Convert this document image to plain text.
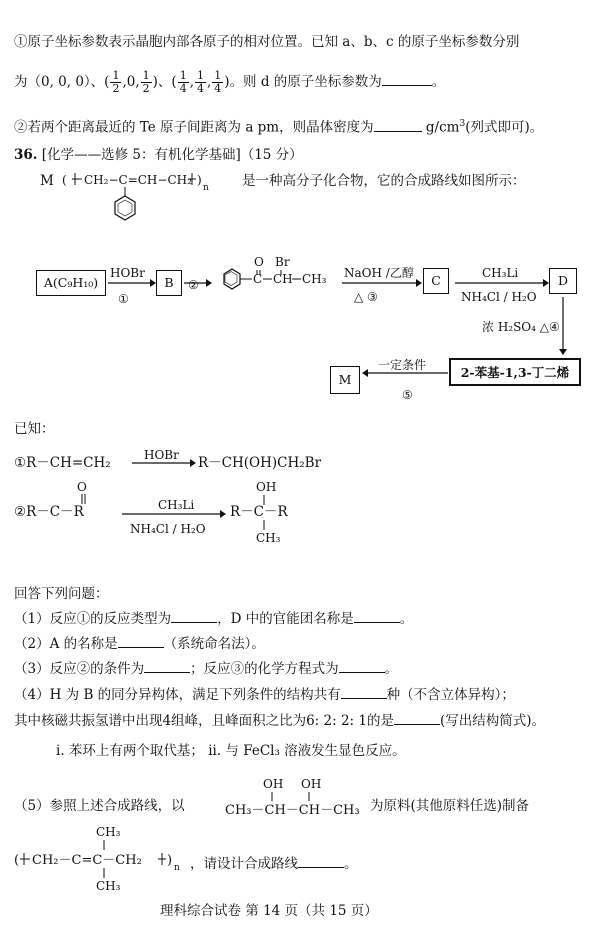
①原子坐标参数表示晶胞内部各原子的相对位置。已知 a、b、c 的原子坐标参数分别
为（0, 0, 0）、( $\frac{1}{2} ,0$, $\frac{1}{2}$ )、( $\frac{1}{4}$ , $\frac{1}{4}$ , $\frac{1}{4}$ )。则 d 的原子坐标参数为	。
②若两个距离最近的 Te 原子间距离为 a pm，则晶体密度为	$g/cm^3$(列式即可)。
36. [化学——选修 5：有机化学基础]（15 分）
M ( CH₂−C=CH−CH₂ )
n 是一种高分子化合物，它的合成路线如图所示：
A(C₉H₁₀)
HOBr
①
B	②	C
O
CH
Br
CH₃ NaOH /乙醇
△ ③
C	CH₃Li
NH₄Cl / H₂O
D
浓 H₂SO₄ △④
2-苯基-1,3-丁二烯
一定条件
⑤
M
已知：
①R－CH=CH₂	HOBr R－CH(OH)CH₂Br
②R－C－R
O
CH₃Li
NH₄Cl / H₂O
OH
R－C－R
CH₃
回答下列问题：
（1）反应①的反应类型为	，D 中的官能团名称是	。
（2）A 的名称是	（系统命名法）。
（3）反应②的条件为	；反应③的化学方程式为	。
（4）H 为 B 的同分异构体，满足下列条件的结构共有	种（不含立体异构）；
其中核磁共振氢谱中出现4组峰，且峰面积之比为6: 2: 2: 1的是	(写出结构简式)。
i. 苯环上有两个取代基； ii. 与 FeCl₃ 溶液发生显色反应。
（5）参照上述合成路线，以
OH OH
CH₃－CH－CH－CH₃ 为原料(其他原料任选)制备
CH₃
( CH₂－C=C－CH₂ ) n
CH₃
，请设计合成路线	。
理科综合试卷 第 14 页（共 15 页）
